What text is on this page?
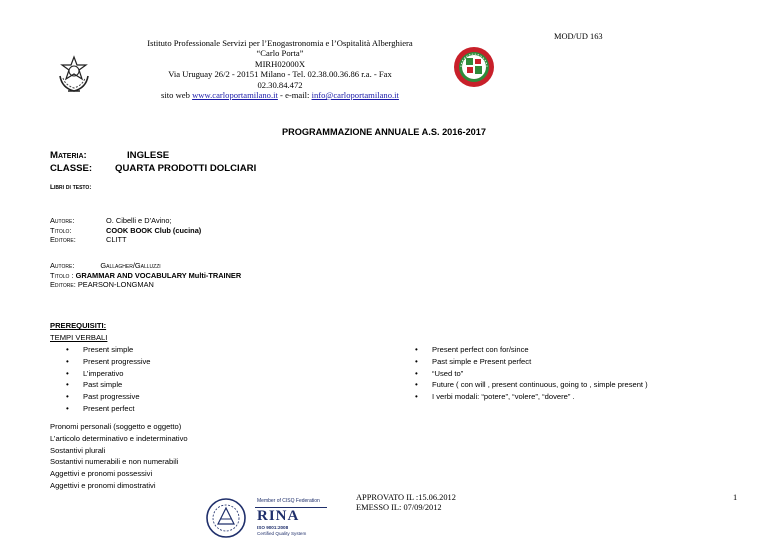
Istituto Professionale Servizi per l’Enogastronomia e l’Ospitalità Alberghiera
“Carlo Porta”
MIRH02000X
Via Uruguay 26/2 - 20151 Milano - Tel. 02.38.00.36.86 r.a. - Fax
02.30.84.472
sito web www.carloportamilano.it - e-mail: info@carloportamilano.it
MOD/UD 163
PROGRAMMAZIONE ANNUALE A.S. 2016-2017
Materia:
CLASSE:
INGLESE
QUARTA PRODOTTI DOLCIARI
Libri di testo:
Autore:
Titolo:
Editore:
O. Cibelli e D’Avino;
COOK BOOK Club (cucina)
CLITT
Autore:	Gallagher/Galluzzi
Titolo : GRAMMAR AND VOCABULARY Multi-TRAINER
Editore: PEARSON-LONGMAN
PREREQUISITI:
TEMPI VERBALI
• Present simple
• Present progressive
• L’imperativo
• Past simple
• Past progressive
• Present perfect
• Present perfect con for/since
• Past simple e Present perfect
• “Used to”
• Future ( con will , present continuous, going to , simple present )
• I verbi modali: “potere”, “volere”, “dovere” .
Pronomi personali (soggetto e oggetto)
L’articolo determinativo e indeterminativo
Sostantivi plurali
Sostantivi numerabili e non numerabili
Aggettivi e pronomi possessivi
Aggettivi e pronomi dimostrativi
Member of CISQ Federation
RINA
ISO 9001:2008
Certified Quality System
APPROVATO IL :15.06.2012
EMESSO IL: 07/09/2012
1
